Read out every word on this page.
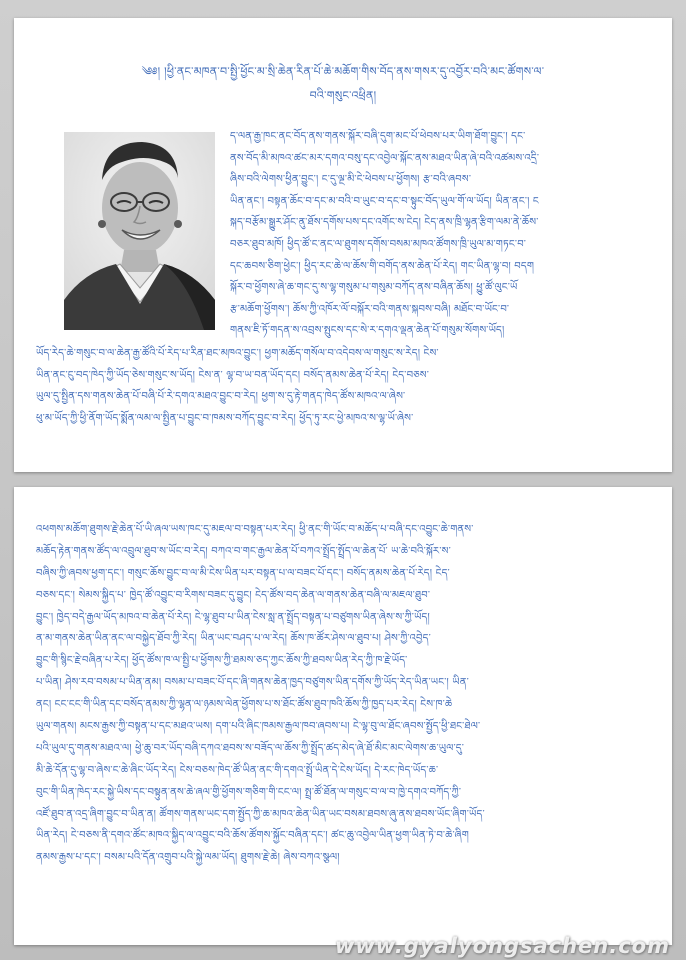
༄༅། །ཕྱི་ནང་མཁན་བ་སྤྱི་ཕྱོང་མ་སྲི་ཆེན་རིན་པོ་ཆེ་མཆོག་གིས་བོད་ནས་གསར་དུ་འབྱོར་བའི་མང་ཚོགས་ལ་
བའི་གསུང་འཕྲིན།
ད་ལན་རྒྱ་ཁང་ནང་བོད་ནས་གནས་སྐོར་བཞི་དུག་མང་པོ་ཕེབས་པར་ཡིག་ཐོག་བྱུང་། དང་
ནས་བོད་མི་མཁའ་ཚང་མར་དགའ་བསུ་དང་འབྱེལ་སྐོང་ནས་མཐའ་ཡིན་ཞེ་བའི་འཚམས་འདྲི་
ཞིས་བའི་ལེགས་ཕྱིན་བྱུང་། ང་དུ་ལྔ་མི་ངེ་ཕེབས་པ་ཕྱོགས། རྩ་བའི་ཞབས་
ཡིན་ནང་། བསྟན་ཆོང་བ་དང་མ་བའི་བ་ཡུང་བ་དང་བ་སྟུང་བོད་ཡུལ་གོ་ལ་ཡོད། ཡིན་ནང་། ང
སྐད་བརྩོམ་སྒྱུར་ཤོང་ནུ་ཐོས་དགོས་པས་དང་འགོང་ས་ངེད། ངེད་ནས་ཁྲི་ལྷན་རྩིག་ལམ་ནེ་ཆོས་
བཅར་ཐུབ་མཁོ། ཕྱིད་ཚོ་ང་ནང་ལ་ཐུགས་དགོས་བསམ་མཁའ་ཚོགས་ཁྲི་ཡུལ་མ་གཏང་བ་
དང་ཆབས་ཅིག་ཕྱེང་། ཕྱིད་རང་ཆེ་ལ་ཆོས་གི་བགོད་ནས་ཆེན་པོ་རེད། གང་ཡིན་ལྷ་བ། བདག
སྐོར་བ་ཕྱོགས་ཞེ་ཆ་གང་དུ་ས་ལྷ་གསུམ་པ་གསུམ་བཀོད་ནས་བཞིན་ཆོས། ཕྱུ་ཚོ་ལུང་ཡོ
རྩ་མཆོག་ཕྱོགས་། ཆོས་ཀྱི་འཁོར་ལོ་བསྐོར་བའི་གནས་སྐབས་བཞི། མཐོང་བ་ཡོང་བ་
གནས་ཇི་ཏོ་གདན་ས་འབྲས་སྤུངས་དང་སེ་ར་དགའ་ལྡན་ཆེན་པོ་གསུམ་སོགས་ཡོད།
ཡོད་རེད་ཆེ་གསུང་བ་ལ་ཆེན་རྒྱ་ཚོའི་པོ་རེད་པ་རིན་ཐང་མཁའ་བྱུང་། ཕྱག་མཆོད་གསོལ་བ་འདེབས་ལ་གསུང་ས་རེད། ངེས་
ཡིན་ནང་ངུ་བད་ཁེད་ཀྱི་ཡོད་ཅེས་གསུང་ས་ཡོད། ངེས་ན་ ལྷ་བ་ཡ་བན་ཡོད་དང། བསོད་ནམས་ཆེན་པོ་རེད། ངེད་བཅས་
ཡུལ་དུ་སྤྱིན་དས་གནས་ཆེན་པོ་བཞི་པོ་རེ་དགའ་མཐའ་བྱུང་བ་རེད། ཕྱག་ས་དུ་རྟེ་གནད་ཁེད་ཚོས་མཁའ་ལ་ཞེས་
ཕུ་མ་ཡོད་ཀྱི་ཕྱི་ནོག་ཡོད་སྨོན་ལམ་ལ་སྤྱིན་པ་བྱུང་བ་ཁམས་བཀོད་བྱུང་བ་རེད། ཕྱོད་ཏུ་རང་ཕྱེ་མཁའ་ས་ལྷ་ཡོ་ཞེས་
འཕགས་མཆོག་ཐུགས་རྗེ་ཆེན་པོ་ཡི་ཞལ་ཡས་ཁང་དུ་མཇལ་བ་བསྟན་པར་རེད། ཕྱི་ནང་གི་ཡོང་བ་མཆོད་པ་བཞི་དང་འབྱུང་ཆེ་གནས་
མཆོད་རྟེན་གནས་ཚོད་ལ་འབྲུལ་ཐུབ་ས་ཡོང་བ་རེད། བཀའ་བ་གང་རྒྱལ་ཆེན་པོ་བཀའ་སྤྲོད་སྤྲོད་ལ་ཆེན་པོ་ ཡ་ཆེ་བའི་སྐོར་ས་
བཞིས་ཀྱི་ཞབས་ཕྱག་དང་། གསུང་ཆོས་བྱུང་བ་ལ་མི་ངེས་ཡིན་པར་བསྟན་པ་ལ་བཟང་པོ་དང་། བསོད་ནམས་ཆེན་པོ་རེད། ངེད་
བཅས་དང་། སེམས་སྐྱིད་པ་ ཁྱེད་ཚོ་འབྱུང་བ་རིགས་བཟང་དུ་བྱུང། ངེད་ཚོས་བད་ཆེན་ལ་གནས་ཆེན་བཞི་ལ་མཇལ་ཐུབ་
བྱུང་། ཁྱེད་བདེ་རྒྱལ་ཡོད་མཁའ་བ་ཆེན་པོ་རེད། ངེ་ལྷ་ཐུབ་པ་ཡིན་ངེས་སླ་ན་སྤྲོད་བསྟན་པ་བཙུགས་ཡིན་ཞེས་ས་ཀྱི་ཡོད།
ན་མ་གནས་ཆེན་ཡིན་ནང་ལ་བསྐྱེད་ཐོབ་ཀྱི་རེད། ཡིན་ཡང་བཤད་པ་ལ་རེད། ཆོས་ཁ་ཚོར་ཤེས་ལ་ཐུབ་པ། ཤེས་ཀྱི་འབྱེད་
བྱུང་གི་སྙིང་རྗེ་བཞིན་པ་རེད། ཕྱོད་ཚོས་ཁ་ལ་སྤྱི་པ་ཕྱོགས་ཀྱི་ཐམས་ཅད་ཀྱང་ཆོས་ཀྱི་ཐབས་ཡིན་རེད་ཀྱི་ཁ་རྗེ་ཡོད་
པ་ཡིན། ཤེས་རབ་བསམ་པ་ཡིན་ནམ། བསམ་པ་བཟང་པོ་དང་ཞི་གནས་ཆེན་ཁྱད་བཙུགས་ཡིན་དགོས་ཀྱི་ཡོད་རེད་ཡིན་ཡང་། ཡིན་
ནང། ངང་ངང་གི་ཡིན་དང་བསོད་ནམས་ཀྱི་ལྷན་ལ་ཉམས་ལེན་ཕྱོགས་པ་ས་ཐོང་ཚོས་ཐུབ་ཁའི་ཆོས་ཀྱི་ཁྱད་པར་རེད། ངེས་ཁ་ཆེ
ཡུལ་གནས། མངས་རྒྱས་ཀྱི་བསྟན་པ་དང་མཐའ་ཡས། དག་པའི་ཞིང་ཁམས་རྒྱལ་ཁབ་ཞབས་པ། ངེ་ལྷ་བུ་ལ་ཐོང་ཞབས་སྤྱོད་ཕྱི་ཐང་ཐེལ་
པའི་ཡུལ་དུ་གནས་མཐའ་ལ། ཕྱེ་ཆུ་བར་ཡོད་བཞི་དཀའ་ཐབས་ས་བཟོད་ལ་ཆོས་ཀྱི་སྤྲོད་ཚད་མེད་ཞེ་ཐོ་མིང་མང་ལེགས་ཆ་ཡུལ་དུ་
མི་ཆེ་དོན་དུ་ལྷ་བ་ཞེས་ང་ཆེ་ཞིང་ཡོད་རེད། ངེས་བཅས་ཁེད་ཚོ་ཡིན་ནང་གི་དགའ་སྤྲོ་ཡིན་དེ་ངེས་ཡོད། དེ་རང་ཁེད་ཡོད་ཆ་
བུང་གི་ཡིན་ཁེད་རང་སྐྱེ་ཡིས་དང་བསྟུན་ནས་ཆེ་ཞལ་གྱི་ཕྱོགས་གཅིག་གི་ངང་ལ། སྤྲ་ཚོ་ཐོན་ལ་གསུང་བ་ལ་བ་ཁྱེ་དགའ་བཀོད་ཀྱི་
འཛོ་ཐུབ་ན་འདྲ་ཞིག་བྱུང་བ་ཡིན་ན། ཚོགས་གནས་ཡང་དག་སྤྱོད་ཀྱི་ཆ་མཁའ་ཆེན་ཡིན་ཡང་བསམ་ཐབས་ཞུ་ནས་ཐབས་ཡོང་ཞིག་ཡོད་
ཡིན་རེད། ངེ་བཅས་ནི་དགའ་ཚོང་མཁའ་སྐྱིད་ལ་འབྱུང་བའི་ཆོས་ཚོགས་སྐྱོང་བཞིན་དང་། ཚང་ཆུ་འབྱེལ་ཡིན་ཕྱག་ཡིན་ཏེ་བ་ཆེ་ཞིག
ནམས་རྒྱས་པ་དང་། བསམ་པའི་དོན་འགྲུབ་པའི་སྐྱེ་ལམ་ཡོད། ཐུགས་རྗེ་ཆེ། ཞེས་བཀའ་སྩལ།
www.gyalyongsachen.com
